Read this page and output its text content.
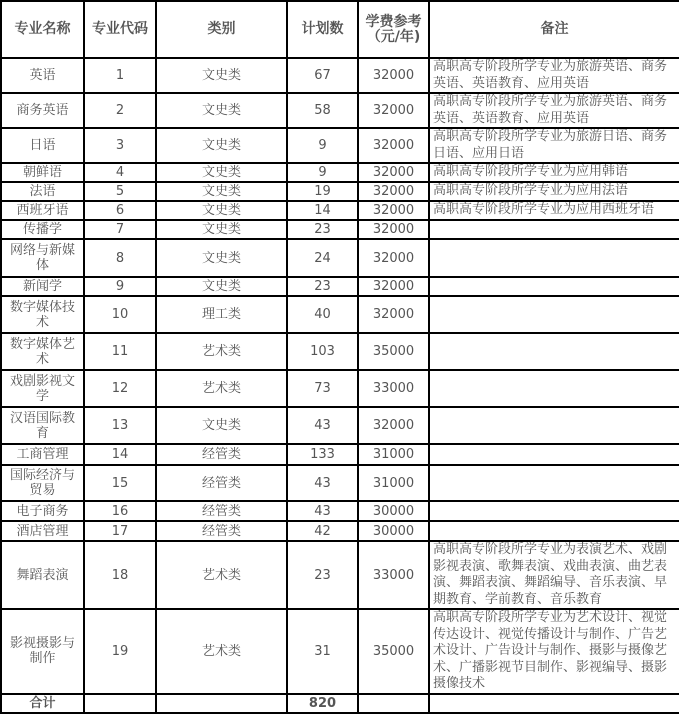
专业名称	专业代码	类别	计划数	学费参考（元/年)	备注
英语	1	文史类	67	32000	高职高专阶段所学专业为旅游英语、商务英语、英语教育、应用英语
商务英语	2	文史类	58	32000	高职高专阶段所学专业为旅游英语、商务英语、英语教育、应用英语
日语	3	文史类	9	32000	高职高专阶段所学专业为旅游日语、商务日语、应用日语
朝鲜语	4	文史类	9	32000	高职高专阶段所学专业为应用韩语
法语	5	文史类	19	32000	高职高专阶段所学专业为应用法语
西班牙语	6	文史类	14	32000	高职高专阶段所学专业为应用西班牙语
传播学	7	文史类	23	32000	
网络与新媒体	8	文史类	24	32000	
新闻学	9	文史类	23	32000	
数字媒体技术	10	理工类	40	32000	
数字媒体艺术	11	艺术类	103	35000	
戏剧影视文学	12	艺术类	73	33000	
汉语国际教育	13	文史类	43	32000	
工商管理	14	经管类	133	31000	
国际经济与贸易	15	经管类	43	31000	
电子商务	16	经管类	43	30000	
酒店管理	17	经管类	42	30000	
舞蹈表演	18	艺术类	23	33000	高职高专阶段所学专业为表演艺术、戏剧影视表演、歌舞表演、戏曲表演、曲艺表演、舞蹈表演、舞蹈编导、音乐表演、早期教育、学前教育、音乐教育
影视摄影与制作	19	艺术类	31	35000	高职高专阶段所学专业为艺术设计、视觉传达设计、视觉传播设计与制作、广告艺术设计、广告设计与制作、摄影与摄像艺术、广播影视节目制作、影视编导、摄影摄像技术
合计			820		
